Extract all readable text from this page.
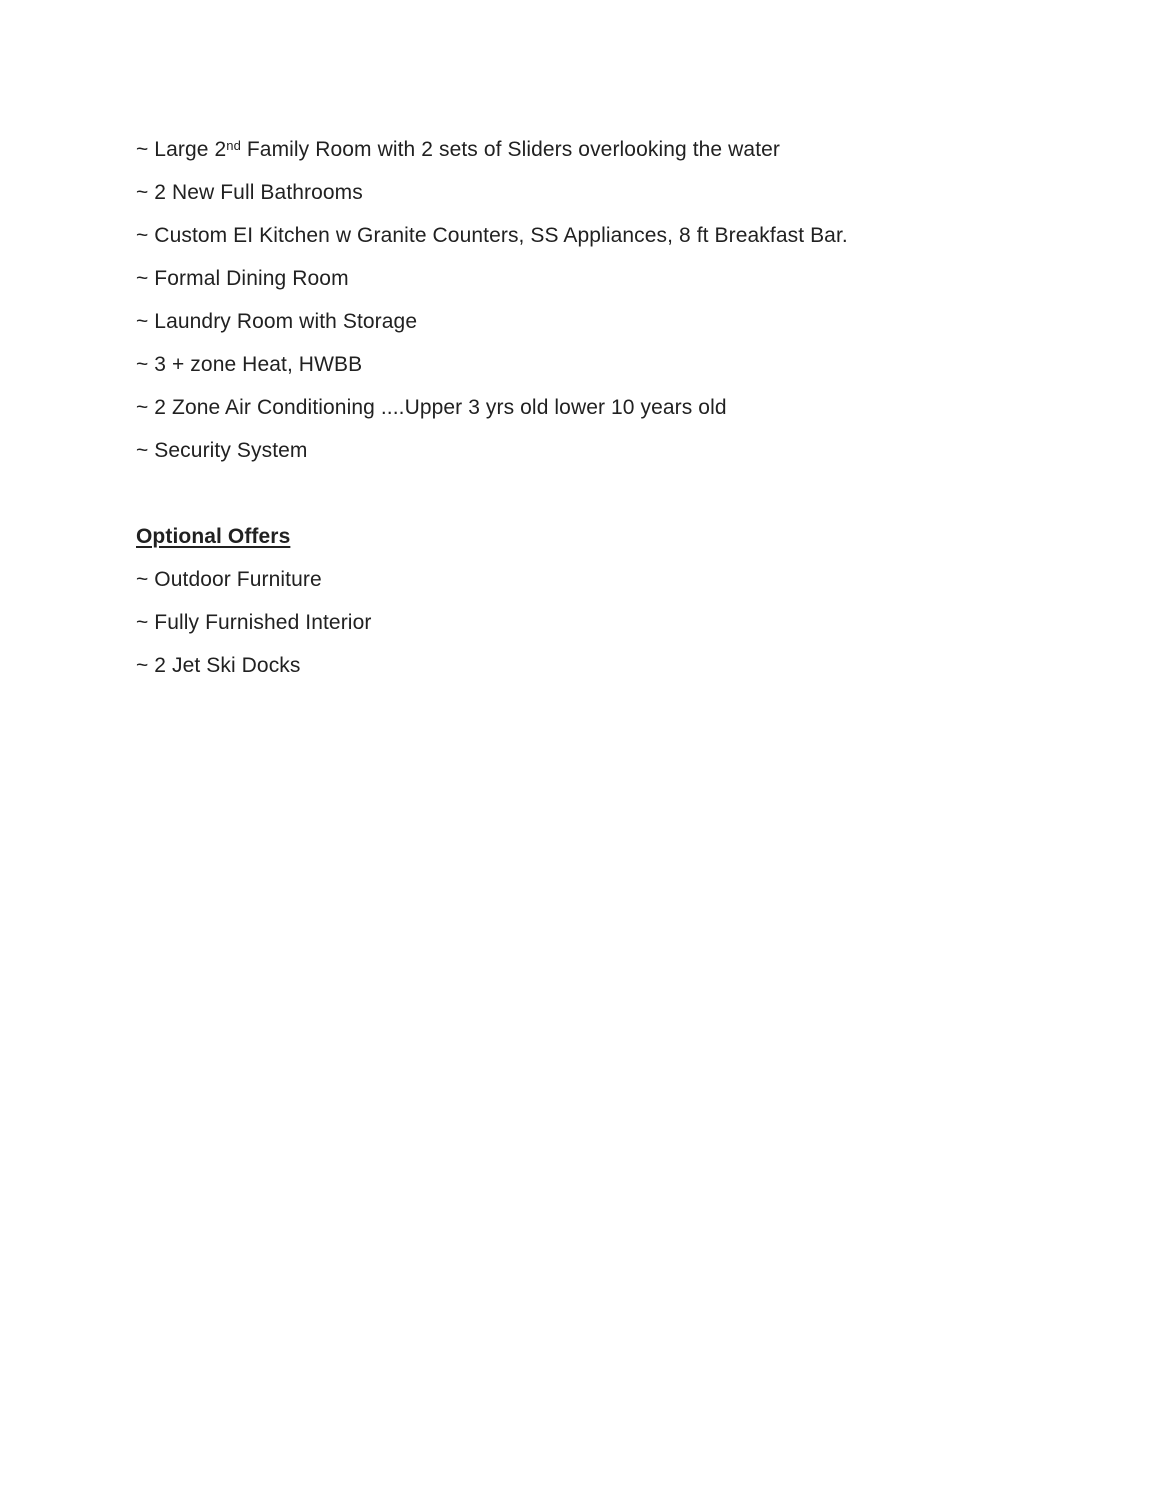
~ Large 2nd Family Room with 2 sets of Sliders overlooking the water

~ 2 New Full Bathrooms

~ Custom EI Kitchen w Granite Counters, SS Appliances, 8 ft Breakfast Bar.

~ Formal Dining Room

~ Laundry Room with Storage

~ 3 + zone Heat, HWBB

~ 2 Zone Air Conditioning ....Upper 3 yrs old lower 10 years old

~ Security System

Optional Offers

~ Outdoor Furniture

~ Fully Furnished Interior

~ 2 Jet Ski Docks
